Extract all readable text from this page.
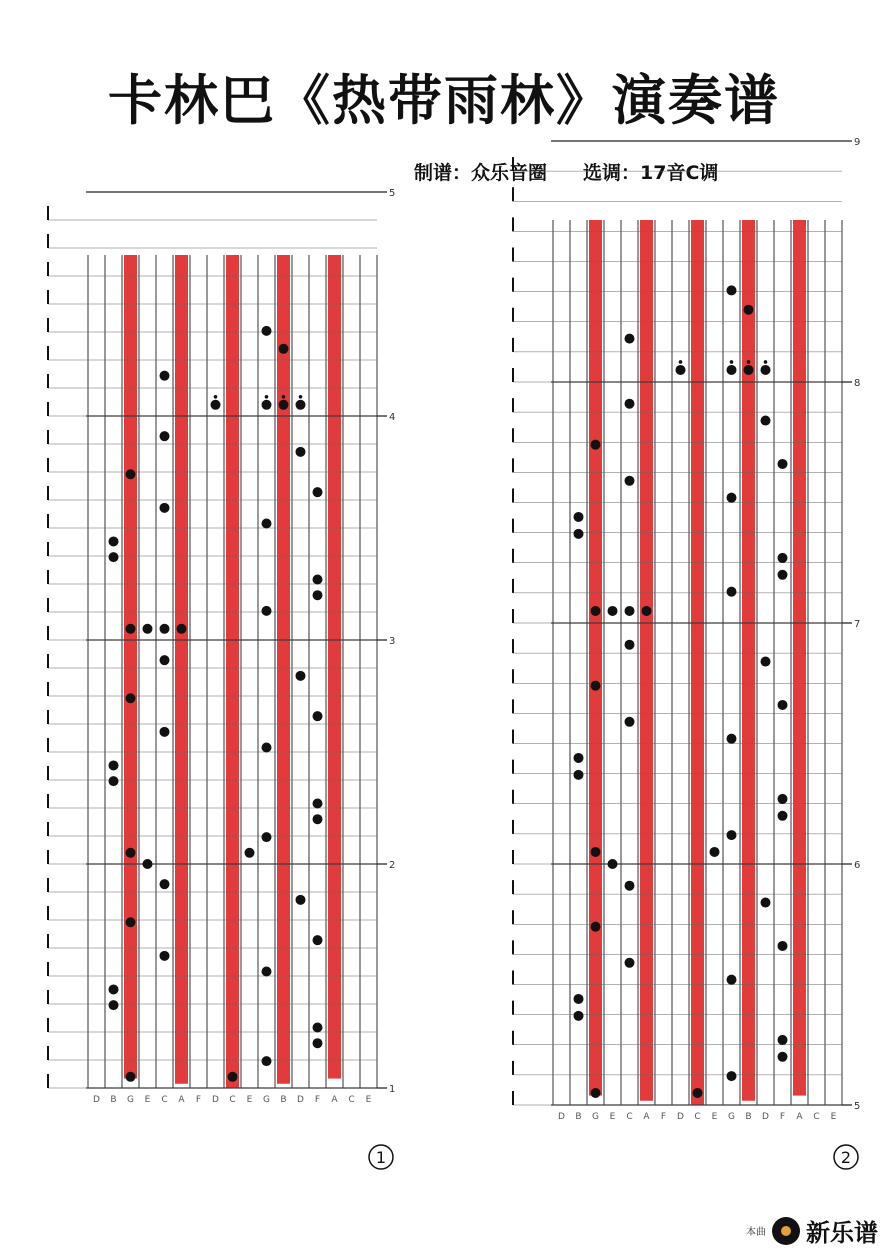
卡林巴《热带雨林》演奏谱
制谱：众乐音圈 选调：17音C调
1
2
3
4
5
D B G E C A F D C E G B D F A C E
1
5
6
7
8
9
D B G E C A F D C E G B D F A C E
2
本曲 新乐谱
